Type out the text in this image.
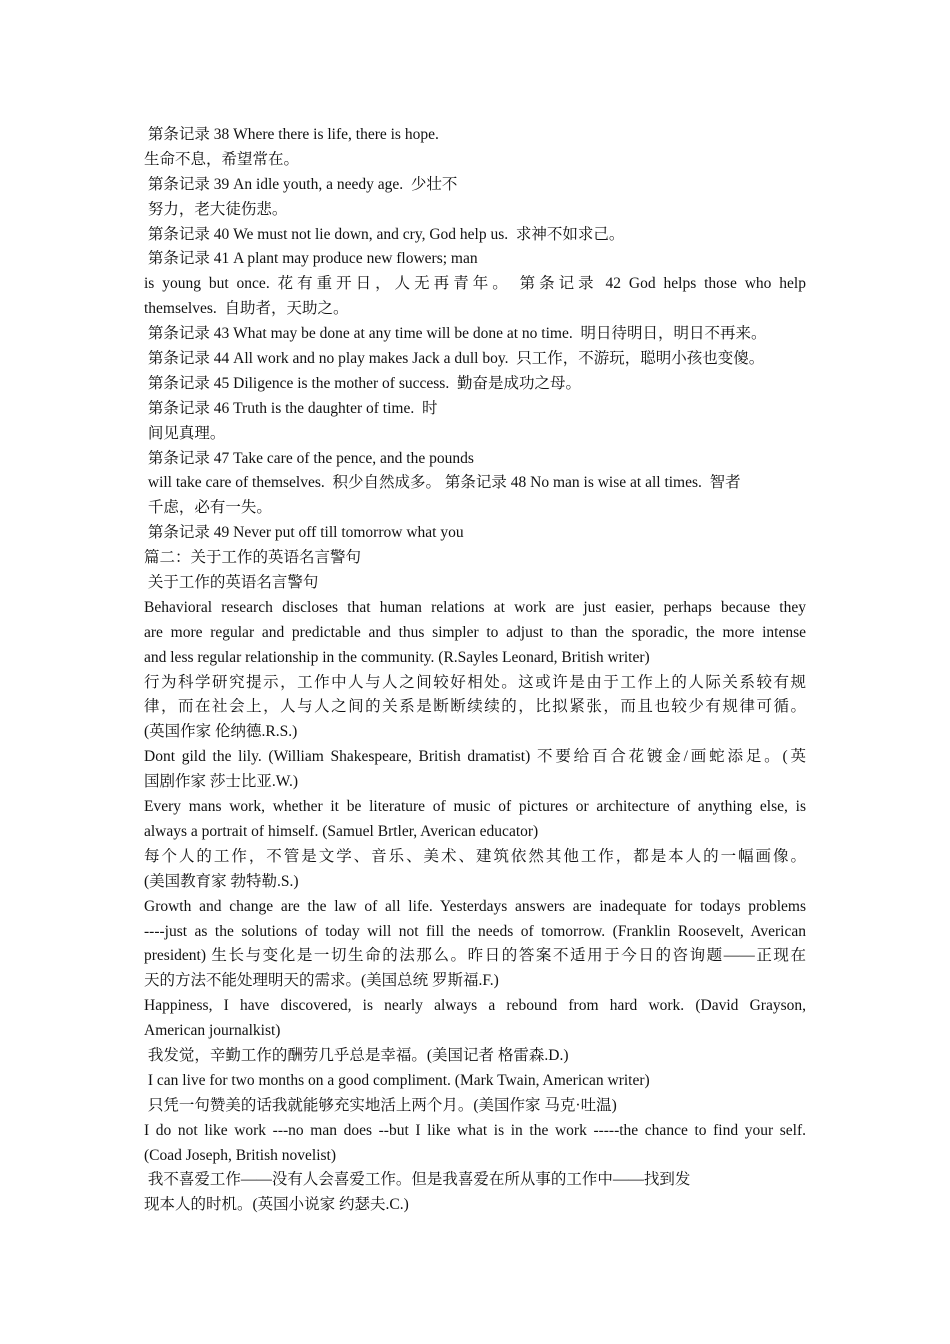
第条记录 38 Where there is life, there is hope.
生命不息，希望常在。
第条记录 39 An idle youth, a needy age.  少壮不
努力，老大徒伤悲。
第条记录 40 We must not lie down, and cry, God help us.  求神不如求己。
第条记录 41 A plant may produce new flowers; man
is young but once. 花有重开日，人无再青年。 第条记录 42 God helps those who help
themselves.  自助者，天助之。
第条记录 43 What may be done at any time will be done at no time.  明日待明日，明日不再来。
第条记录 44 All work and no play makes Jack a dull boy.  只工作，不游玩，聪明小孩也变傻。
第条记录 45 Diligence is the mother of success.  勤奋是成功之母。
第条记录 46 Truth is the daughter of time.  时
间见真理。
第条记录 47 Take care of the pence, and the pounds
will take care of themselves.  积少自然成多。 第条记录 48 No man is wise at all times.  智者
千虑，必有一失。
第条记录 49 Never put off till tomorrow what you
篇二：关于工作的英语名言警句
关于工作的英语名言警句
Behavioral research discloses that human relations at work are just easier, perhaps because they
are more regular and predictable and thus simpler to adjust to than the sporadic, the more intense
and less regular relationship in the community. (R.Sayles Leonard, British writer)
行为科学研究提示，工作中人与人之间较好相处。这或许是由于工作上的人际关系较有规
律，而在社会上，人与人之间的关系是断断续续的，比拟紧张，而且也较少有规律可循。
(英国作家 伦纳德.R.S.)
Dont gild the lily. (William Shakespeare, British dramatist) 不要给百合花镀金/画蛇添足。(英
国剧作家 莎士比亚.W.)
Every mans work, whether it be literature of music of pictures or architecture of anything else, is
always a portrait of himself. (Samuel Brtler, Averican educator)
每个人的工作，不管是文学、音乐、美术、建筑依然其他工作，都是本人的一幅画像。
(美国教育家 勃特勒.S.)
Growth and change are the law of all life. Yesterdays answers are inadequate for todays problems
----just as the solutions of today will not fill the needs of tomorrow. (Franklin Roosevelt, Averican
president) 生长与变化是一切生命的法那么。昨日的答案不适用于今日的咨询题——正现在
天的方法不能处理明天的需求。(美国总统 罗斯福.F.)
Happiness, I have discovered, is nearly always a rebound from hard work. (David Grayson,
American journalkist)
我发觉，辛勤工作的酬劳几乎总是幸福。(美国记者 格雷森.D.)
I can live for two months on a good compliment. (Mark Twain, American writer)
只凭一句赞美的话我就能够充实地活上两个月。(美国作家 马克·吐温)
I do not like work ---no man does --but I like what is in the work -----the chance to find your self.
(Coad Joseph, British novelist)
我不喜爱工作——没有人会喜爱工作。但是我喜爱在所从事的工作中——找到发
现本人的时机。(英国小说家 约瑟夫.C.)
